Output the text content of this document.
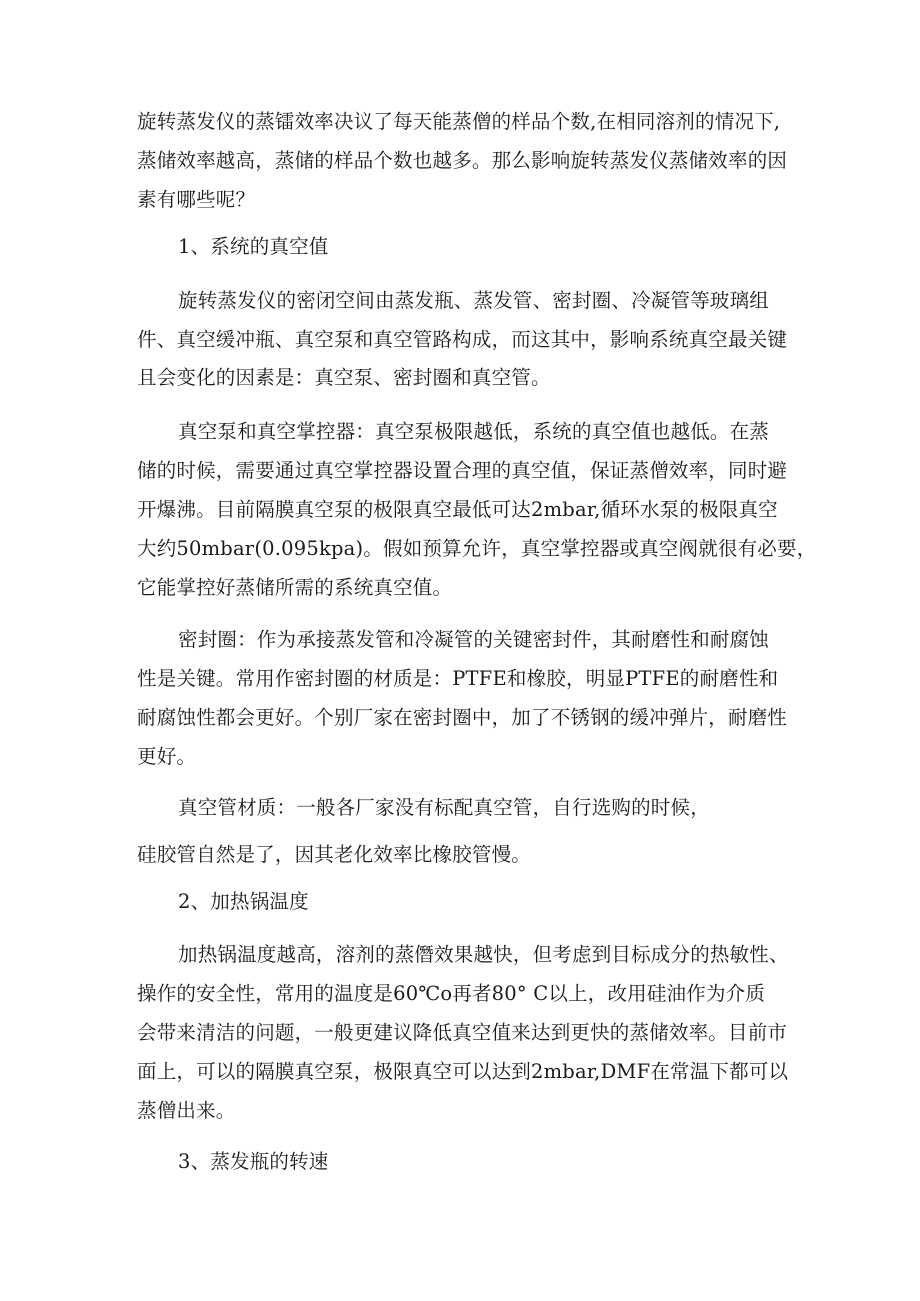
旋转蒸发仪的蒸镭效率决议了每天能蒸僧的样品个数,在相同溶剂的情况下,
蒸储效率越高，蒸储的样品个数也越多。那么影响旋转蒸发仪蒸储效率的因
素有哪些呢？
1、系统的真空值
旋转蒸发仪的密闭空间由蒸发瓶、蒸发管、密封圈、冷凝管等玻璃组
件、真空缓冲瓶、真空泵和真空管路构成，而这其中，影响系统真空最关键
且会变化的因素是：真空泵、密封圈和真空管。
真空泵和真空掌控器：真空泵极限越低，系统的真空值也越低。在蒸
储的时候，需要通过真空掌控器设置合理的真空值，保证蒸僧效率，同时避
开爆沸。目前隔膜真空泵的极限真空最低可达2mbar,循环水泵的极限真空
大约50mbar(0.095kpa)。假如预算允许，真空掌控器或真空阀就很有必要，
它能掌控好蒸储所需的系统真空值。
密封圈：作为承接蒸发管和冷凝管的关键密封件，其耐磨性和耐腐蚀
性是关键。常用作密封圈的材质是：PTFE和橡胶，明显PTFE的耐磨性和
耐腐蚀性都会更好。个别厂家在密封圈中，加了不锈钢的缓冲弹片，耐磨性
更好。
真空管材质：一般各厂家没有标配真空管，自行选购的时候，
硅胶管自然是了，因其老化效率比橡胶管慢。
2、加热锅温度
加热锅温度越高，溶剂的蒸僭效果越快，但考虑到目标成分的热敏性、
操作的安全性，常用的温度是60℃o再者80° C以上，改用硅油作为介质
会带来清洁的问题，一般更建议降低真空值来达到更快的蒸储效率。目前市
面上，可以的隔膜真空泵，极限真空可以达到2mbar,DMF在常温下都可以
蒸僧出来。
3、蒸发瓶的转速
